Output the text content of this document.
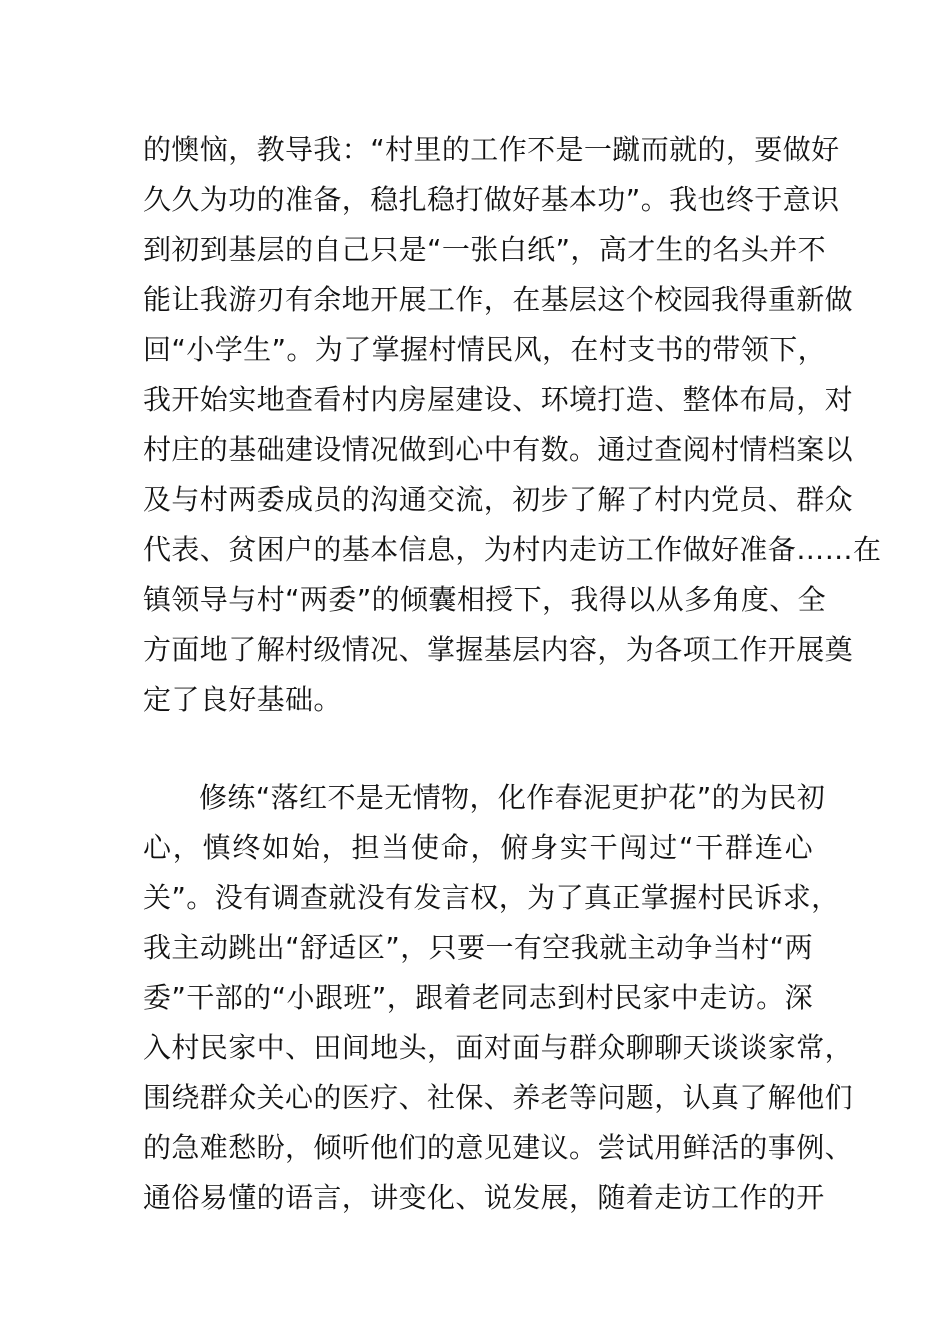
的懊恼，教导我：“村里的工作不是一蹴而就的，要做好
久久为功的准备，稳扎稳打做好基本功”。我也终于意识
到初到基层的自己只是“一张白纸”，高才生的名头并不
能让我游刃有余地开展工作，在基层这个校园我得重新做
回“小学生”。为了掌握村情民风，在村支书的带领下，
我开始实地查看村内房屋建设、环境打造、整体布局，对
村庄的基础建设情况做到心中有数。通过查阅村情档案以
及与村两委成员的沟通交流，初步了解了村内党员、群众
代表、贫困户的基本信息，为村内走访工作做好准备……在
镇领导与村“两委”的倾囊相授下，我得以从多角度、全
方面地了解村级情况、掌握基层内容，为各项工作开展奠
定了良好基础。
修练“落红不是无情物，化作春泥更护花”的为民初
心，慎终如始，担当使命，俯身实干闯过“干群连心
关”。没有调查就没有发言权，为了真正掌握村民诉求，
我主动跳出“舒适区”，只要一有空我就主动争当村“两
委”干部的“小跟班”，跟着老同志到村民家中走访。深
入村民家中、田间地头，面对面与群众聊聊天谈谈家常，
围绕群众关心的医疗、社保、养老等问题，认真了解他们
的急难愁盼，倾听他们的意见建议。尝试用鲜活的事例、
通俗易懂的语言，讲变化、说发展，随着走访工作的开
